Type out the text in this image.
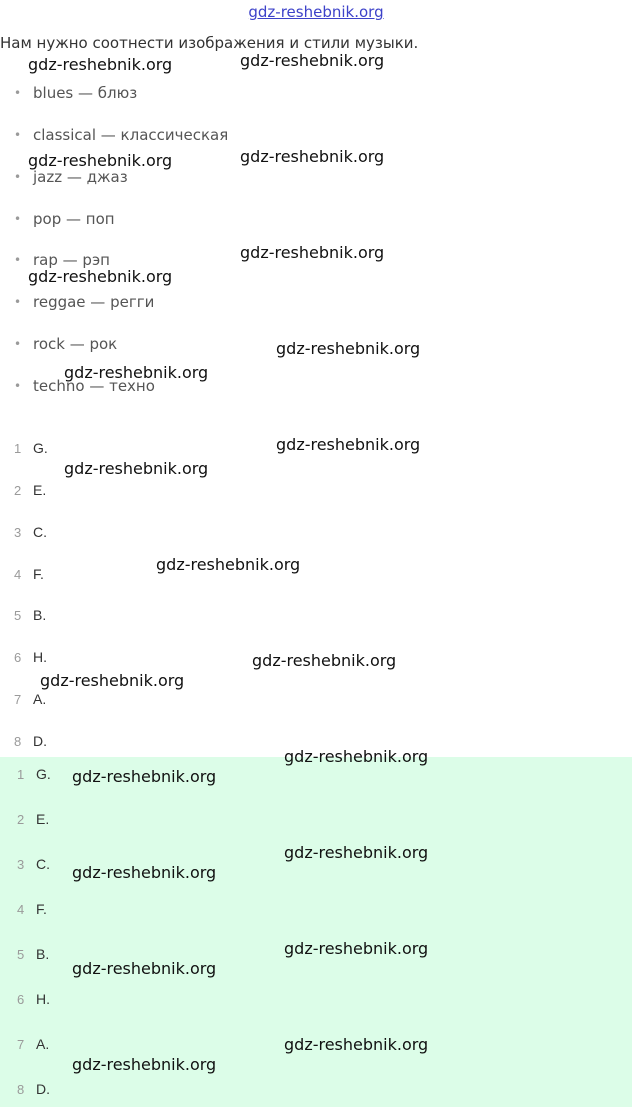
gdz-reshebnik.org
Нам нужно соотнести изображения и стили музыки.
• blues — блюз
• classical — классическая
• jazz — джаз
• pop — поп
• rap — рэп
• reggae — регги
• rock — рок
• techno — техно
1 G.
2 E.
3 C.
4 F.
5 B.
6 H.
7 A.
8 D.
1 G.
2 E.
3 C.
4 F.
5 B.
6 H.
7 A.
8 D.
gdz-reshebnik.org	gdz-reshebnik.org
gdz-reshebnik.org	gdz-reshebnik.org
gdz-reshebnik.org
gdz-reshebnik.org
gdz-reshebnik.org
gdz-reshebnik.org
gdz-reshebnik.org
gdz-reshebnik.org
gdz-reshebnik.org
gdz-reshebnik.org
gdz-reshebnik.org
gdz-reshebnik.org
gdz-reshebnik.org
gdz-reshebnik.org
gdz-reshebnik.org
gdz-reshebnik.org
gdz-reshebnik.org
gdz-reshebnik.org
gdz-reshebnik.org
